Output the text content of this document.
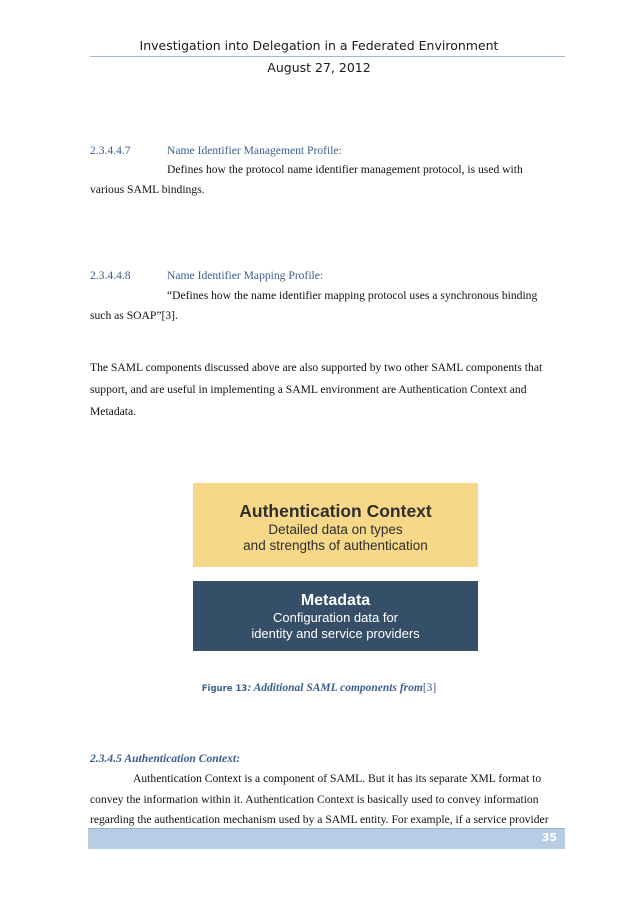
Investigation into Delegation in a Federated Environment
August 27, 2012
2.3.4.4.7	Name Identifier Management Profile:
Defines how the protocol name identifier management protocol, is used with
various SAML bindings.
2.3.4.4.8	Name Identifier Mapping Profile:
“Defines how the name identifier mapping protocol uses a synchronous binding
such as SOAP”[3].
The SAML components discussed above are also supported by two other SAML components that
support, and are useful in implementing a SAML environment are Authentication Context and
Metadata.
Authentication Context
Detailed data on types
and strengths of authentication
Metadata
Configuration data for
identity and service providers
Figure 13: Additional SAML components from[3]
2.3.4.5 Authentication Context:
Authentication Context is a component of SAML. But it has its separate XML format to
convey the information within it. Authentication Context is basically used to convey information
regarding the authentication mechanism used by a SAML entity. For example, if a service provider
35
